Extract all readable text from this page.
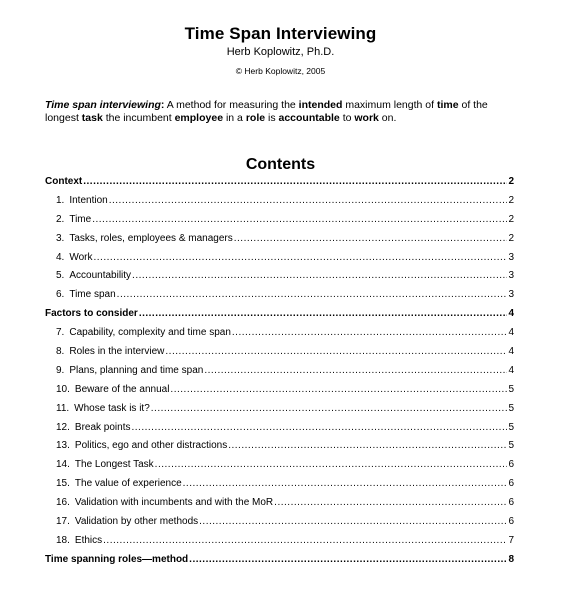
Time Span Interviewing
Herb Koplowitz, Ph.D.
© Herb Koplowitz, 2005
Time span interviewing: A method for measuring the intended maximum length of time of the longest task the incumbent employee in a role is accountable to work on.
Contents
Context .....	2
1. Intention .....	2
2. Time .....	2
3. Tasks, roles, employees & managers .....	2
4. Work .....	3
5. Accountability .....	3
6. Time span .....	3
Factors to consider .....	4
7. Capability, complexity and time span .....	4
8. Roles in the interview .....	4
9. Plans, planning and time span .....	4
10. Beware of the annual .....	5
11. Whose task is it? .....	5
12. Break points .....	5
13. Politics, ego and other distractions .....	5
14. The Longest Task .....	6
15. The value of experience .....	6
16. Validation with incumbents and with the MoR .....	6
17. Validation by other methods .....	6
18. Ethics .....	7
Time spanning roles—method .....	8
